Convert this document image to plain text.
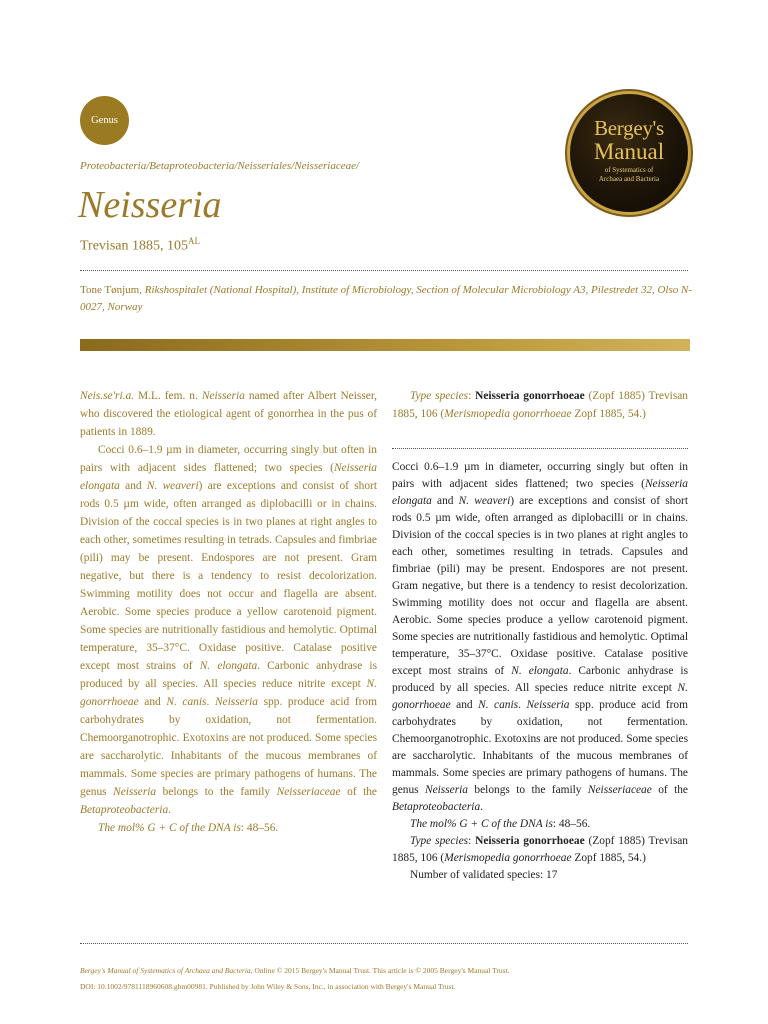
Genus	Bergey's
Manual
of Systematics of
Archaea and Bacteria
Proteobacteria/Betaproteobacteria/Neisseriales/Neisseriaceae/
Neisseria
Trevisan 1885, $105^{AL}$
Tone Tønjum, Rikshospitalet (National Hospital), Institute of Microbiology, Section of Molecular Microbiology A3, Pilestredet 32, Olso N-0027, Norway

Neis.se'ri.a. M.L. fem. n. Neisseria named after Albert Neisser, who discovered the etiological agent of gonorrhea in the pus of patients in 1889.

Cocci 0.6–1.9 µm in diameter, occurring singly but often in pairs with adjacent sides flattened; two species (Neisseria elongata and N. weaveri) are exceptions and consist of short rods 0.5 µm wide, often arranged as diplobacilli or in chains. Division of the coccal species is in two planes at right angles to each other, sometimes resulting in tetrads. Capsules and fimbriae (pili) may be present. Endospores are not present. Gram negative, but there is a tendency to resist decolorization. Swimming motility does not occur and flagella are absent. Aerobic. Some species produce a yellow carotenoid pigment. Some species are nutritionally fastidious and hemolytic. Optimal temperature, 35–37°C. Oxidase positive. Catalase positive except most strains of N. elongata. Carbonic anhydrase is produced by all species. All species reduce nitrite except N. gonorrhoeae and N. canis. Neisseria spp. produce acid from carbohydrates by oxidation, not fermentation. Chemoorganotrophic. Exotoxins are not produced. Some species are saccharolytic. Inhabitants of the mucous membranes of mammals. Some species are primary pathogens of humans. The genus Neisseria belongs to the family Neisseriaceae of the Betaproteobacteria.

The mol% G + C of the DNA is: 48–56.

Type species: Neisseria gonorrhoeae (Zopf 1885) Trevisan 1885, 106 (Merismopedia gonorrhoeae Zopf 1885, 54.)

Cocci 0.6–1.9 µm in diameter, occurring singly but often in pairs with adjacent sides flattened; two species (Neisseria elongata and N. weaveri) are exceptions and consist of short rods 0.5 µm wide, often arranged as diplobacilli or in chains. Division of the coccal species is in two planes at right angles to each other, sometimes resulting in tetrads. Capsules and fimbriae (pili) may be present. Endospores are not present. Gram negative, but there is a tendency to resist decolorization. Swimming motility does not occur and flagella are absent. Aerobic. Some species produce a yellow carotenoid pigment. Some species are nutritionally fastidious and hemolytic. Optimal temperature, 35–37°C. Oxidase positive. Catalase positive except most strains of N. elongata. Carbonic anhydrase is produced by all species. All species reduce nitrite except N. gonorrhoeae and N. canis. Neisseria spp. produce acid from carbohydrates by oxidation, not fermentation. Chemoorganotrophic. Exotoxins are not produced. Some species are saccharolytic. Inhabitants of the mucous membranes of mammals. Some species are primary pathogens of humans. The genus Neisseria belongs to the family Neisseriaceae of the Betaproteobacteria.

The mol% G + C of the DNA is: 48–56.

Type species: Neisseria gonorrhoeae (Zopf 1885) Trevisan 1885, 106 (Merismopedia gonorrhoeae Zopf 1885, 54.)

Number of validated species: 17

Bergey's Manual of Systematics of Archaea and Bacteria, Online © 2015 Bergey's Manual Trust. This article is © 2005 Bergey's Manual Trust.
DOI: 10.1002/9781118960608.gbm00981. Published by John Wiley & Sons, Inc., in association with Bergey's Manual Trust.
